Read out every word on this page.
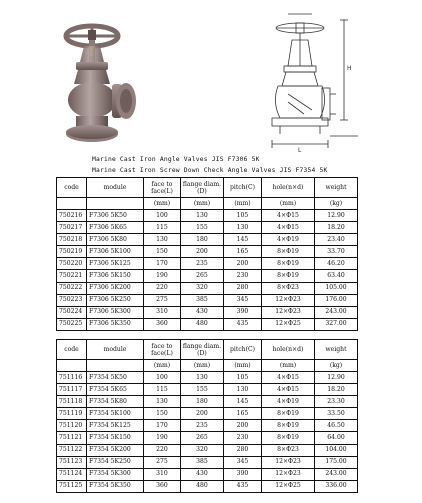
H
L
Marine Cast Iron Angle Valves JIS F7306 5K
Marine Cast Iron Screw Down Check Angle Valves JIS F7354 5K
code	module	face to face(L)	flange diam.(D)	pitch(C)	hole(n×d)	weight
		(mm)	(mm)	(mm)	(mm)	(kg)
750216	F7306 5K50	100	130	105	4×Φ15	12.90
750217	F7306 5K65	115	155	130	4×Φ15	18.20
750218	F7306 5K80	130	180	145	4×Φ19	23.40
750219	F7306 5K100	150	200	165	8×Φ19	33.70
750220	F7306 5K125	170	235	200	8×Φ19	46.20
750221	F7306 5K150	190	265	230	8×Φ19	63.40
750222	F7306 5K200	220	320	280	8×Φ23	105.00
750223	F7306 5K250	275	385	345	12×Φ23	176.00
750224	F7306 5K300	310	430	390	12×Φ23	243.00
750225	F7306 5K350	360	480	435	12×Φ25	327.00
code	module	face to face(L)	flange diam.(D)	pitch(C)	hole(n×d)	weight
		(mm)	(mm)	(mm)	(mm)	(kg)
751116	F7354 5K50	100	130	105	4×Φ15	12.90
751117	F7354 5K65	115	155	130	4×Φ15	18.20
751118	F7354 5K80	130	180	145	4×Φ19	23.30
751119	F7354 5K100	150	200	165	8×Φ19	33.50
751120	F7354 5K125	170	235	200	8×Φ19	46.50
751121	F7354 5K150	190	265	230	8×Φ19	64.00
751122	F7354 5K200	220	320	280	8×Φ23	104.00
751123	F7354 5K250	275	385	345	12×Φ23	175.00
751124	F7354 5K300	310	430	390	12×Φ23	243.00
751125	F7354 5K350	360	480	435	12×Φ25	336.00
